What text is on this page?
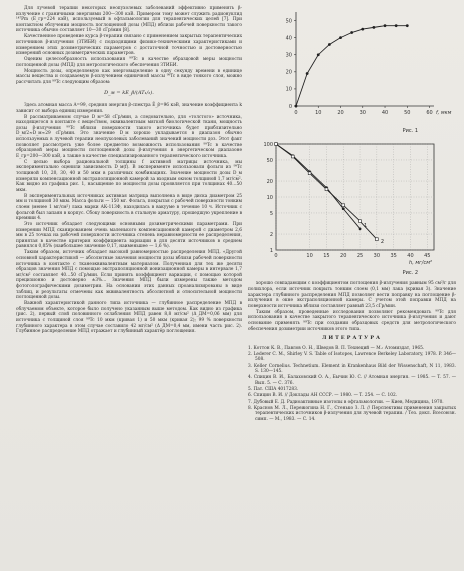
Для лучевой терапии некоторых неопухолевых заболеваний эффективно применять β-излучение с граничными энергиями 200—300 кэВ. Примером тому может служить радионуклид ¹⁴⁷Pm (E_гр=224 кэВ), используемый в офтальмологии для терапевтических целей [7]. При контактном облучении мощность поглощенной дозы (МПД) вблизи рабочей поверхности такого источника обычно составляет 10—30 сГр/мин [8].

Качественное проведение курса β-терапии связано с применением закрытых терапевтических источников β-излучения (ЗТИБИ) с подходящими физико-техническими характеристиками и измерением этих дозиметрических параметров с достаточной точностью и достоверностью измерений основных дозиметрических параметров.

Оценим целесообразность использования ⁹⁹Tc в качестве образцовой меры мощности поглощенной дозы (МПД) для метрологического обеспечения ЗТИБИ.

Мощность дозы, определяемую как энерговыделение в одну секунду времени в единице массы вещества и создаваемую β-излучением единичной массы ⁹⁹Tc в виде тонкого слоя, можно рассчитать для ⁹⁹Tc следующим образом:

D_м = kE_β/(AT₁/₂).

Здесь атомная масса A=99, средняя энергия β-спектра Ē_β=96 кэВ, значение коэффициента k зависит от выбора единиц измерения.

В рассматриваемом случае D_м=58 сГр/мин, а следовательно, для «толстого» источника, находящегося в контакте с веществом, эквивалентным мягкой биологической ткани, мощность дозы β-излучения ⁹⁹Tc вблизи поверхности такого источника будет приблизительно D_м/2≈D_м≈29 сГр/мин. Это значение D_м хорошо укладывается в диапазон обычно используемых в лучевой терапии неопухолевых заболеваний значений мощности доз. Этот факт позволяет рассмотреть уже более предметно возможность использования ⁹⁹Tc в качестве образцовой меры мощности поглощенной дозы β-излучения в энергетическом диапазоне E_гр=200—300 кэВ, а также в качестве специализированного терапевтического источника.

С целью выбора рациональной толщины f активной матрицы источника, мы экспериментально оценили зависимость D_м(f). В эксперименте использовали фольги из ⁹⁹Tc толщиной 10, 20, 30, 40 и 50 мкм в различных комбинациях. Значение мощности дозы D_м измеряли компенсационной экстраполяционной камерой за входным окном толщиной 1,7 мг/см². Как видно из графика рис. 1, насыщение по мощности дозы проявляется при толщинах 40…50 мкм.

В экспериментальных источниках активная матрица выполнена в виде диска диаметром 25 мм и толщиной 30 мкм. Масса фольги — 150 мг. Фольга, покрытая с рабочей поверхности тонким слоем (менее 1 мг/см²) лака марки АК-113Ф, находилась в вакууме в течение 10 ч. Источник с фольгой был запаян в корпус. Сбоку поверхность в стальную арматуру, прошедшую укрепление в кремнии 4.

Это источник обладает следующими основными дозиметрическими параметрами. При измерении МПД сканированием очень маленького компенсационной камерой с диаметром 2,6 мм в 25 точках на рабочей поверхности источника степень неравномерности ее распределения, принятая в качестве критерия коэффициента вариации в для десяти источников в среднем равнялся 0,05% (наибольшее значение 0,17, наименьшее — 1,6 %).

Таким образом, источник обладает высокой равномерностью распределения МПД. «Другой основной характеристикой — абсолютные значения мощности дозы вблизи рабочей поверхности источника в контакте с тканеэквивалентным материалом. Полученная для тех же десяти образцов значения МПД с помощью экстраполяционной ионизационной камеры в интервале 1,7 мг/см² составляет 40…50 сГр/мин. Если принять коэффициент вариации, с помощью которой прецизионно и достоверно ±3%... Значения МПД были измерены также методом фотоголографическими дозиметрии. На основании этих данных проанализированы в виде таблиц, и результаты отмечены как эквивалентность абсолютной и относительной мощности поглощенной дозы.

Важной характеристикой данного типа источника — глубинное распределение МПД в облучаемом объекте, которое было получено указанным выше методом. Как видно из графика (рис. 2), первый слой половинного ослабления МПД равен 8,8 мг/см² (Δ_ДМ=0,06 мм) для источника с толщиной слоя ⁹⁹Tc 10 мкм (кривая 1) и 50 мкм (кривая 2); 99 % поверхности глубинного характера в этом случае составило 42 мг/см² (Δ_ДМ=0,4 мм, имени часть рис. 2). Глубинное распределение МПД отражает и глубинный характер поглощения.

0	10	20	30	40	50	60
0
10
20
30
40
50
f, мкм
Рис. 1
0	10 15 20 25 30 35 40 45
1
2
5
10
20
50
100
h, мг/см²
1
2
Рис. 2

хорошо совпадающим с коэффициентом поглощения β-излучения равным 95 см²/г для полихлора, если источник покрыть тонким слоем (0,1 мм) лака (кривая 3). Значение характера глубинного распределения МПД позволяет вести поправку на поглощение β-излучения в окне экстраполяционной камеры. С учетом этой поправки МПД на поверхности источника вблизи составляет равный 23,5 сГр/мин.

Таким образом, проведенные исследования позволяют рекомендовать ⁹⁹Tc для использования в качестве закрытого терапевтического источника β-излучения и дают основание применять ⁹⁹Tc при создании образцовых средств для метрологического обеспечения дозиметрии источников этого типа.

ЛИТЕРАТУРА
1. Коттон К. В., Павлов О. Н., Шведов В. П. Технеций — М.: Атомиздат, 1965.
2. Lederer C. M., Shirley V. S. Table of Isotopes, Lawrence Berkeley Laboratory, 1978. P. 346—508.
3. Keller Cornelius. Technetium. Element in Krankenhaus Bild der Wissenschaft, N 11, 1983. S. 130—145.
4. Спицин В. И., Балаховский О. А., Бычин Ю. С. // Атомная энергия. — 1985. — Т. 57. — Вып. 5. — С. 376.
5. Пат. США 4017283.
6. Спицин В. И. // Доклады АН СССР. — 1980. — Т. 254. — С. 102.
7. Дубовый Е. Д. Радиоактивные изотопы в офтальмологии. — Киев, Медицина, 1970.
8. Краснов М. Л., Пережогина Н. Г., Стенько З. Л. // Перспективы применения закрытых терапевтических источников β-излучения для лучевой терапии. / Тез. докл. Всесоюзн. симп. — М., 1983. — С. 14.
